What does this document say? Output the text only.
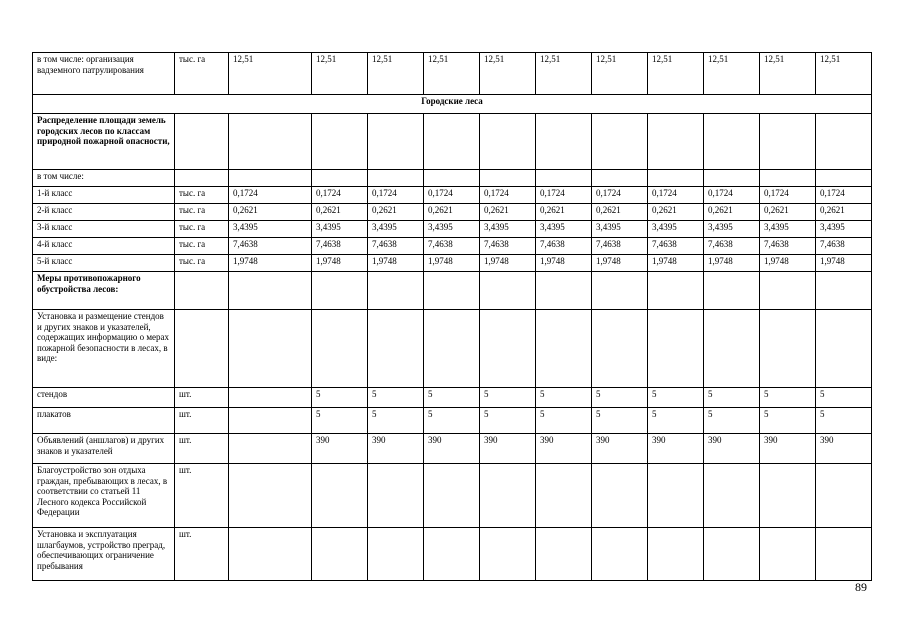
в том числе: организация вадземного патрулирования	тыс. га	12,51	12,51	12,51	12,51	12,51	12,51	12,51	12,51	12,51	12,51	12,51
Городские леса												
Распределение площади земель городских лесов по классам природной пожарной опасности,												
в том числе:												
1-й класс	тыс. га	0,1724	0,1724	0,1724	0,1724	0,1724	0,1724	0,1724	0,1724	0,1724	0,1724	0,1724
2-й класс	тыс. га	0,2621	0,2621	0,2621	0,2621	0,2621	0,2621	0,2621	0,2621	0,2621	0,2621	0,2621
3-й класс	тыс. га	3,4395	3,4395	3,4395	3,4395	3,4395	3,4395	3,4395	3,4395	3,4395	3,4395	3,4395
4-й класс	тыс. га	7,4638	7,4638	7,4638	7,4638	7,4638	7,4638	7,4638	7,4638	7,4638	7,4638	7,4638
5-й класс	тыс. га	1,9748	1,9748	1,9748	1,9748	1,9748	1,9748	1,9748	1,9748	1,9748	1,9748	1,9748
Меры противопожарного обустройства лесов:												
Установка и размещение стендов и других знаков и указателей, содержащих информацию о мерах пожарной безопасности в лесах, в виде:												
стендов	шт.		5	5	5	5	5	5	5	5	5	5
плакатов	шт.		5	5	5	5	5	5	5	5	5	5
Объявлений (аншлагов) и других знаков и указателей	шт.		390	390	390	390	390	390	390	390	390	390
Благоустройство зон отдыха граждан, пребывающих в лесах, в соответствии со статьей 11 Лесного кодекса Российской Федерации	шт.											
Установка и эксплуатация шлагбаумов, устройство преград, обеспечивающих ограничение пребывания	шт.											
89
